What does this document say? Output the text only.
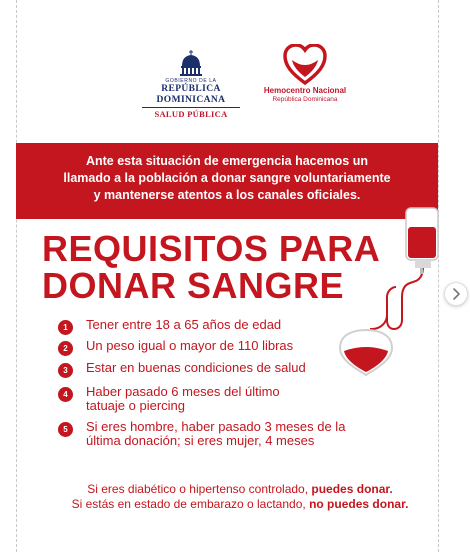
GOBIERNO DE LA
REPÚBLICA DOMINICANA
SALUD PÚBLICA
Hemocentro Nacional
República Dominicana
Ante esta situación de emergencia hacemos un
llamado a la población a donar sangre voluntariamente
y mantenerse atentos a los canales oficiales.
REQUISITOS PARA
DONAR SANGRE
1	Tener entre 18 a 65 años de edad
2	Un peso igual o mayor de 110 libras
3	Estar en buenas condiciones de salud
4	Haber pasado 6 meses del último
tatuaje o piercing
5	Si eres hombre, haber pasado 3 meses de la
última donación; si eres mujer, 4 meses
Si eres diabético o hipertenso controlado, puedes donar.
Si estás en estado de embarazo o lactando, no puedes donar.
